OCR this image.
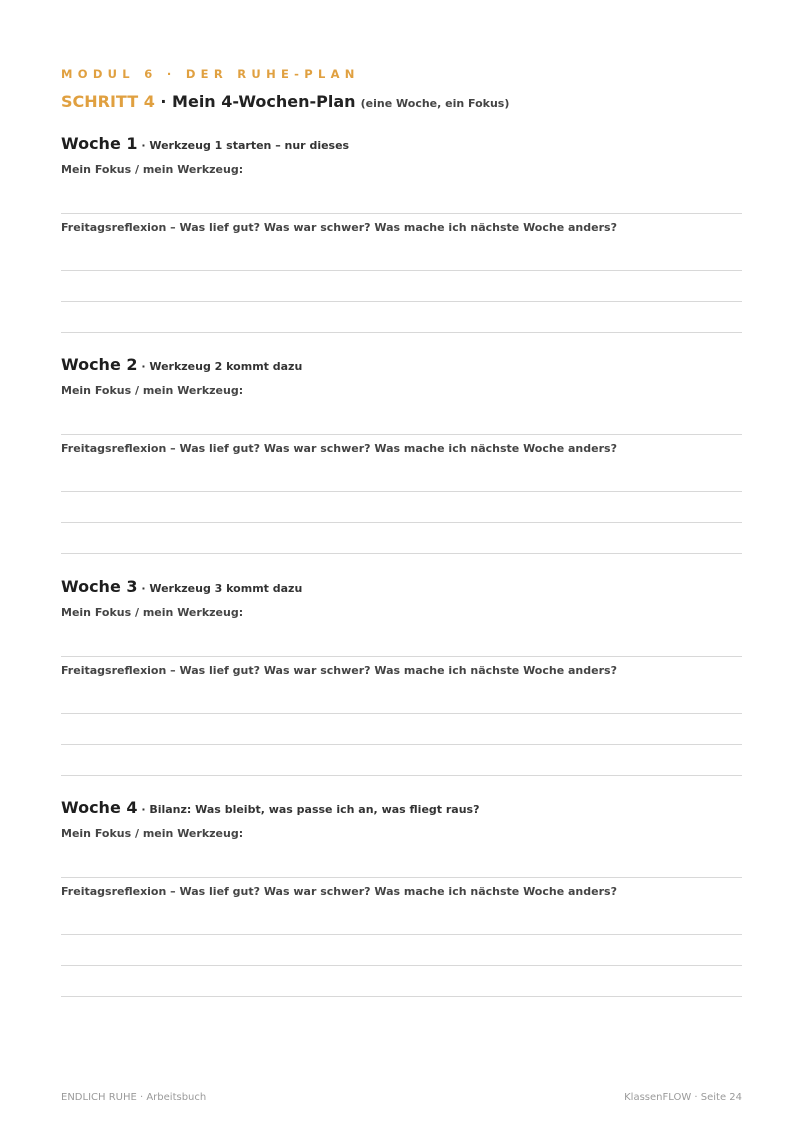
MODUL 6 · DER RUHE-PLAN
SCHRITT 4 · Mein 4-Wochen-Plan (eine Woche, ein Fokus)
Woche 1 · Werkzeug 1 starten – nur dieses
Mein Fokus / mein Werkzeug:
Freitagsreflexion – Was lief gut? Was war schwer? Was mache ich nächste Woche anders?
Woche 2 · Werkzeug 2 kommt dazu
Mein Fokus / mein Werkzeug:
Freitagsreflexion – Was lief gut? Was war schwer? Was mache ich nächste Woche anders?
Woche 3 · Werkzeug 3 kommt dazu
Mein Fokus / mein Werkzeug:
Freitagsreflexion – Was lief gut? Was war schwer? Was mache ich nächste Woche anders?
Woche 4 · Bilanz: Was bleibt, was passe ich an, was fliegt raus?
Mein Fokus / mein Werkzeug:
Freitagsreflexion – Was lief gut? Was war schwer? Was mache ich nächste Woche anders?
ENDLICH RUHE · Arbeitsbuch	KlassenFLOW · Seite 24
